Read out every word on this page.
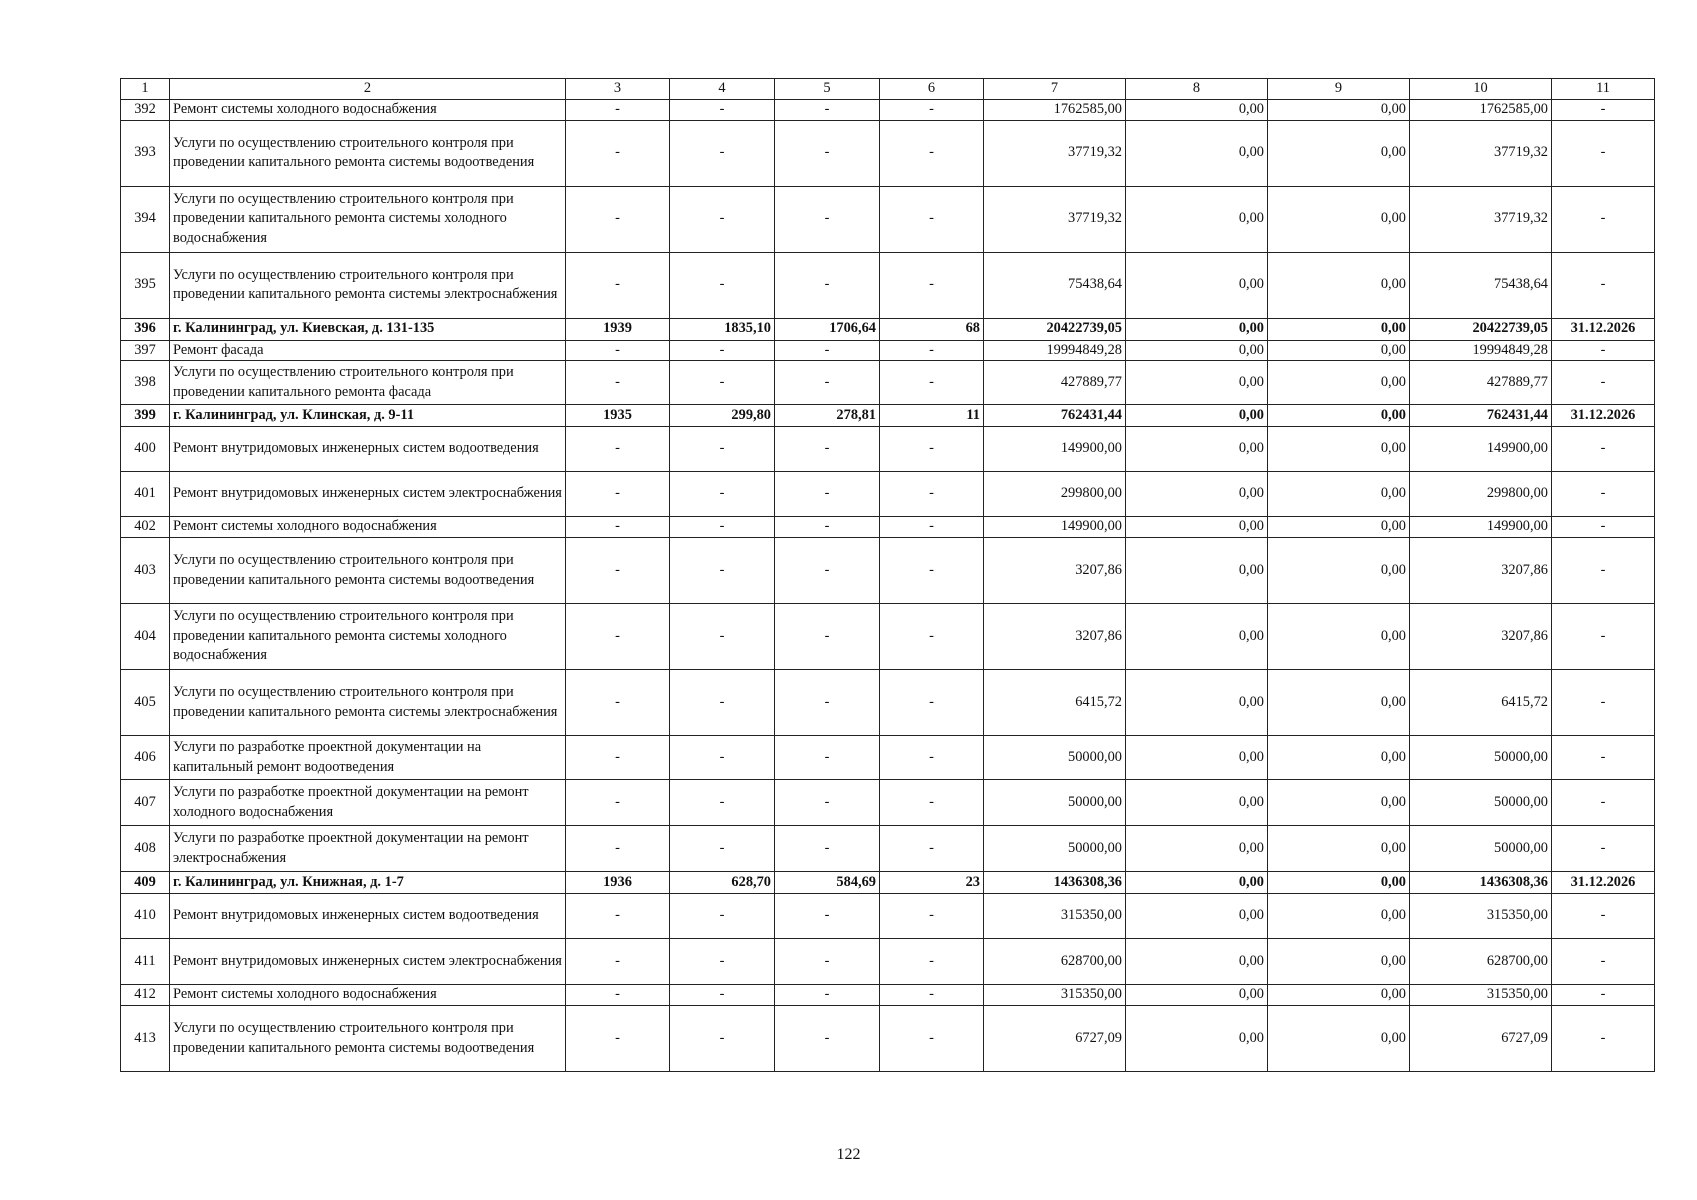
1	2	3	4	5	6	7	8	9	10	11
392	Ремонт системы холодного водоснабжения	-	-	-	-	1762585,00	0,00	0,00	1762585,00	-
393	Услуги по осуществлению строительного контроля при проведении капитального ремонта системы водоотведения	-	-	-	-	37719,32	0,00	0,00	37719,32	-
394	Услуги по осуществлению строительного контроля при проведении капитального ремонта системы холодного водоснабжения	-	-	-	-	37719,32	0,00	0,00	37719,32	-
395	Услуги по осуществлению строительного контроля при проведении капитального ремонта системы электроснабжения	-	-	-	-	75438,64	0,00	0,00	75438,64	-
396	г. Калининград, ул. Киевская, д. 131-135	1939	1835,10	1706,64	68	20422739,05	0,00	0,00	20422739,05	31.12.2026
397	Ремонт фасада	-	-	-	-	19994849,28	0,00	0,00	19994849,28	-
398	Услуги по осуществлению строительного контроля при проведении капитального ремонта фасада	-	-	-	-	427889,77	0,00	0,00	427889,77	-
399	г. Калининград, ул. Клинская, д. 9-11	1935	299,80	278,81	11	762431,44	0,00	0,00	762431,44	31.12.2026
400	Ремонт внутридомовых инженерных систем водоотведения	-	-	-	-	149900,00	0,00	0,00	149900,00	-
401	Ремонт внутридомовых инженерных систем электроснабжения	-	-	-	-	299800,00	0,00	0,00	299800,00	-
402	Ремонт системы холодного водоснабжения	-	-	-	-	149900,00	0,00	0,00	149900,00	-
403	Услуги по осуществлению строительного контроля при проведении капитального ремонта системы водоотведения	-	-	-	-	3207,86	0,00	0,00	3207,86	-
404	Услуги по осуществлению строительного контроля при проведении капитального ремонта системы холодного водоснабжения	-	-	-	-	3207,86	0,00	0,00	3207,86	-
405	Услуги по осуществлению строительного контроля при проведении капитального ремонта системы электроснабжения	-	-	-	-	6415,72	0,00	0,00	6415,72	-
406	Услуги по разработке проектной документации на капитальный ремонт водоотведения	-	-	-	-	50000,00	0,00	0,00	50000,00	-
407	Услуги по разработке проектной документации на ремонт холодного водоснабжения	-	-	-	-	50000,00	0,00	0,00	50000,00	-
408	Услуги по разработке проектной документации на ремонт электроснабжения	-	-	-	-	50000,00	0,00	0,00	50000,00	-
409	г. Калининград, ул. Книжная, д. 1-7	1936	628,70	584,69	23	1436308,36	0,00	0,00	1436308,36	31.12.2026
410	Ремонт внутридомовых инженерных систем водоотведения	-	-	-	-	315350,00	0,00	0,00	315350,00	-
411	Ремонт внутридомовых инженерных систем электроснабжения	-	-	-	-	628700,00	0,00	0,00	628700,00	-
412	Ремонт системы холодного водоснабжения	-	-	-	-	315350,00	0,00	0,00	315350,00	-
413	Услуги по осуществлению строительного контроля при проведении капитального ремонта системы водоотведения	-	-	-	-	6727,09	0,00	0,00	6727,09	-
122
